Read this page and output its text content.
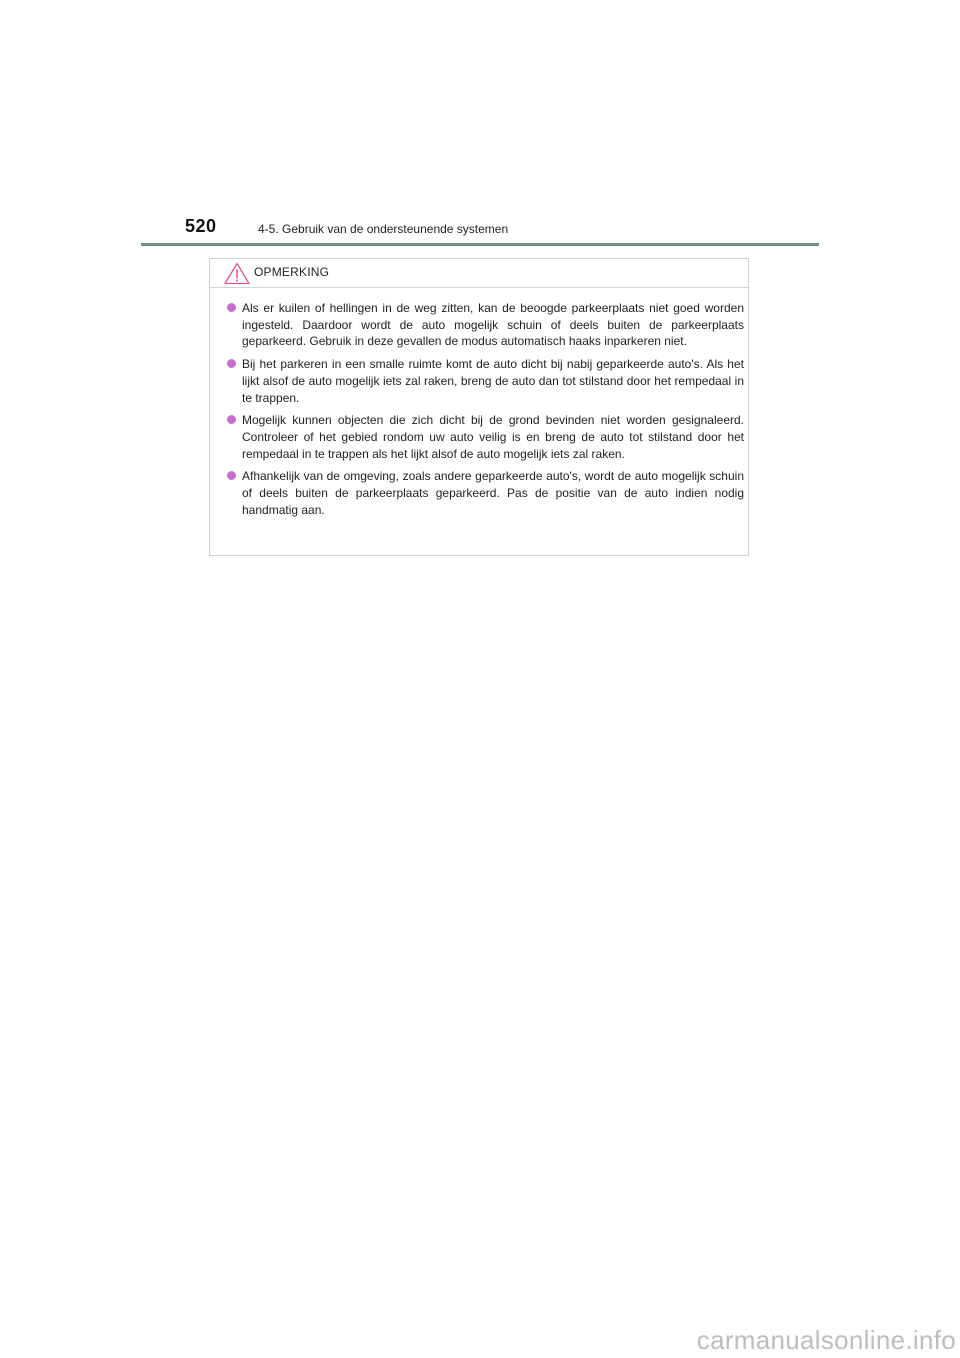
520	4-5. Gebruik van de ondersteunende systemen
OPMERKING
Als er kuilen of hellingen in de weg zitten, kan de beoogde parkeerplaats niet goed worden ingesteld. Daardoor wordt de auto mogelijk schuin of deels buiten de parkeerplaats geparkeerd. Gebruik in deze gevallen de modus automatisch haaks inparkeren niet.
Bij het parkeren in een smalle ruimte komt de auto dicht bij nabij geparkeerde auto's. Als het lijkt alsof de auto mogelijk iets zal raken, breng de auto dan tot stilstand door het rempedaal in te trappen.
Mogelijk kunnen objecten die zich dicht bij de grond bevinden niet worden gesignaleerd. Controleer of het gebied rondom uw auto veilig is en breng de auto tot stilstand door het rempedaal in te trappen als het lijkt alsof de auto mogelijk iets zal raken.
Afhankelijk van de omgeving, zoals andere geparkeerde auto's, wordt de auto mogelijk schuin of deels buiten de parkeerplaats geparkeerd. Pas de positie van de auto indien nodig handmatig aan.
carmanualsonline.info
